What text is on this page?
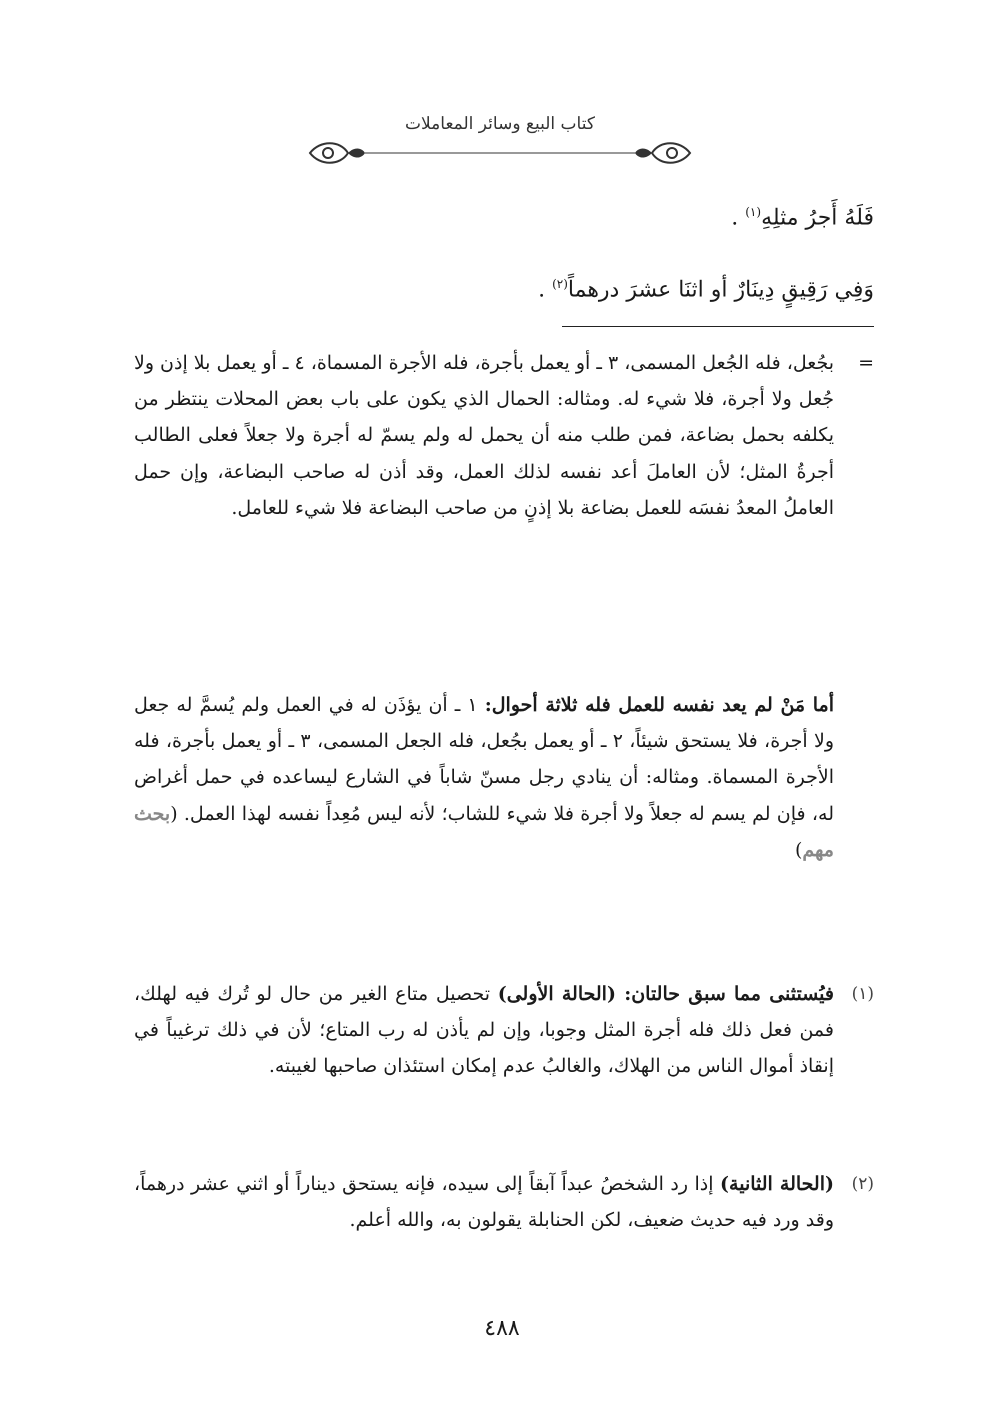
كتاب البيع وسائر المعاملات
فَلَهُ أَجرُ مثلِهِ$^{(١)}$ .
وَفِي رَقِيقٍ دِينَارٌ أو اثنَا عشرَ درهماً$^{(٢)}$ .
=
بجُعل، فله الجُعل المسمى، ٣ ـ أو يعمل بأجرة، فله الأجرة المسماة، ٤ ـ أو يعمل بلا إذن ولا جُعل ولا أجرة، فلا شيء له. ومثاله: الحمال الذي يكون على باب بعض المحلات ينتظر من يكلفه بحمل بضاعة، فمن طلب منه أن يحمل له ولم يسمّ له أجرة ولا جعلاً فعلى الطالب أجرةُ المثل؛ لأن العاملَ أعد نفسه لذلك العمل، وقد أذن له صاحب البضاعة، وإن حمل العاملُ المعدُ نفسَه للعمل بضاعة بلا إذنٍ من صاحب البضاعة فلا شيء للعامل.
أما مَنْ لم يعد نفسه للعمل فله ثلاثة أحوال: ١ ـ أن يؤذَن له في العمل ولم يُسمَّ له جعل ولا أجرة، فلا يستحق شيئاً، ٢ ـ أو يعمل بجُعل، فله الجعل المسمى، ٣ ـ أو يعمل بأجرة، فله الأجرة المسماة. ومثاله: أن ينادي رجل مسنّ شاباً في الشارع ليساعده في حمل أغراض له، فإن لم يسم له جعلاً ولا أجرة فلا شيء للشاب؛ لأنه ليس مُعِداً نفسه لهذا العمل. (بحث مهم)
(١)
فيُستثنى مما سبق حالتان: (الحالة الأولى) تحصيل متاع الغير من حال لو تُرك فيه لهلك، فمن فعل ذلك فله أجرة المثل وجوبا، وإن لم يأذن له رب المتاع؛ لأن في ذلك ترغيباً في إنقاذ أموال الناس من الهلاك، والغالبُ عدم إمكان استئذان صاحبها لغيبته.
(٢)
(الحالة الثانية) إذا رد الشخصُ عبداً آبقاً إلى سيده، فإنه يستحق ديناراً أو اثني عشر درهماً، وقد ورد فيه حديث ضعيف، لكن الحنابلة يقولون به، والله أعلم.
٤٨٨
